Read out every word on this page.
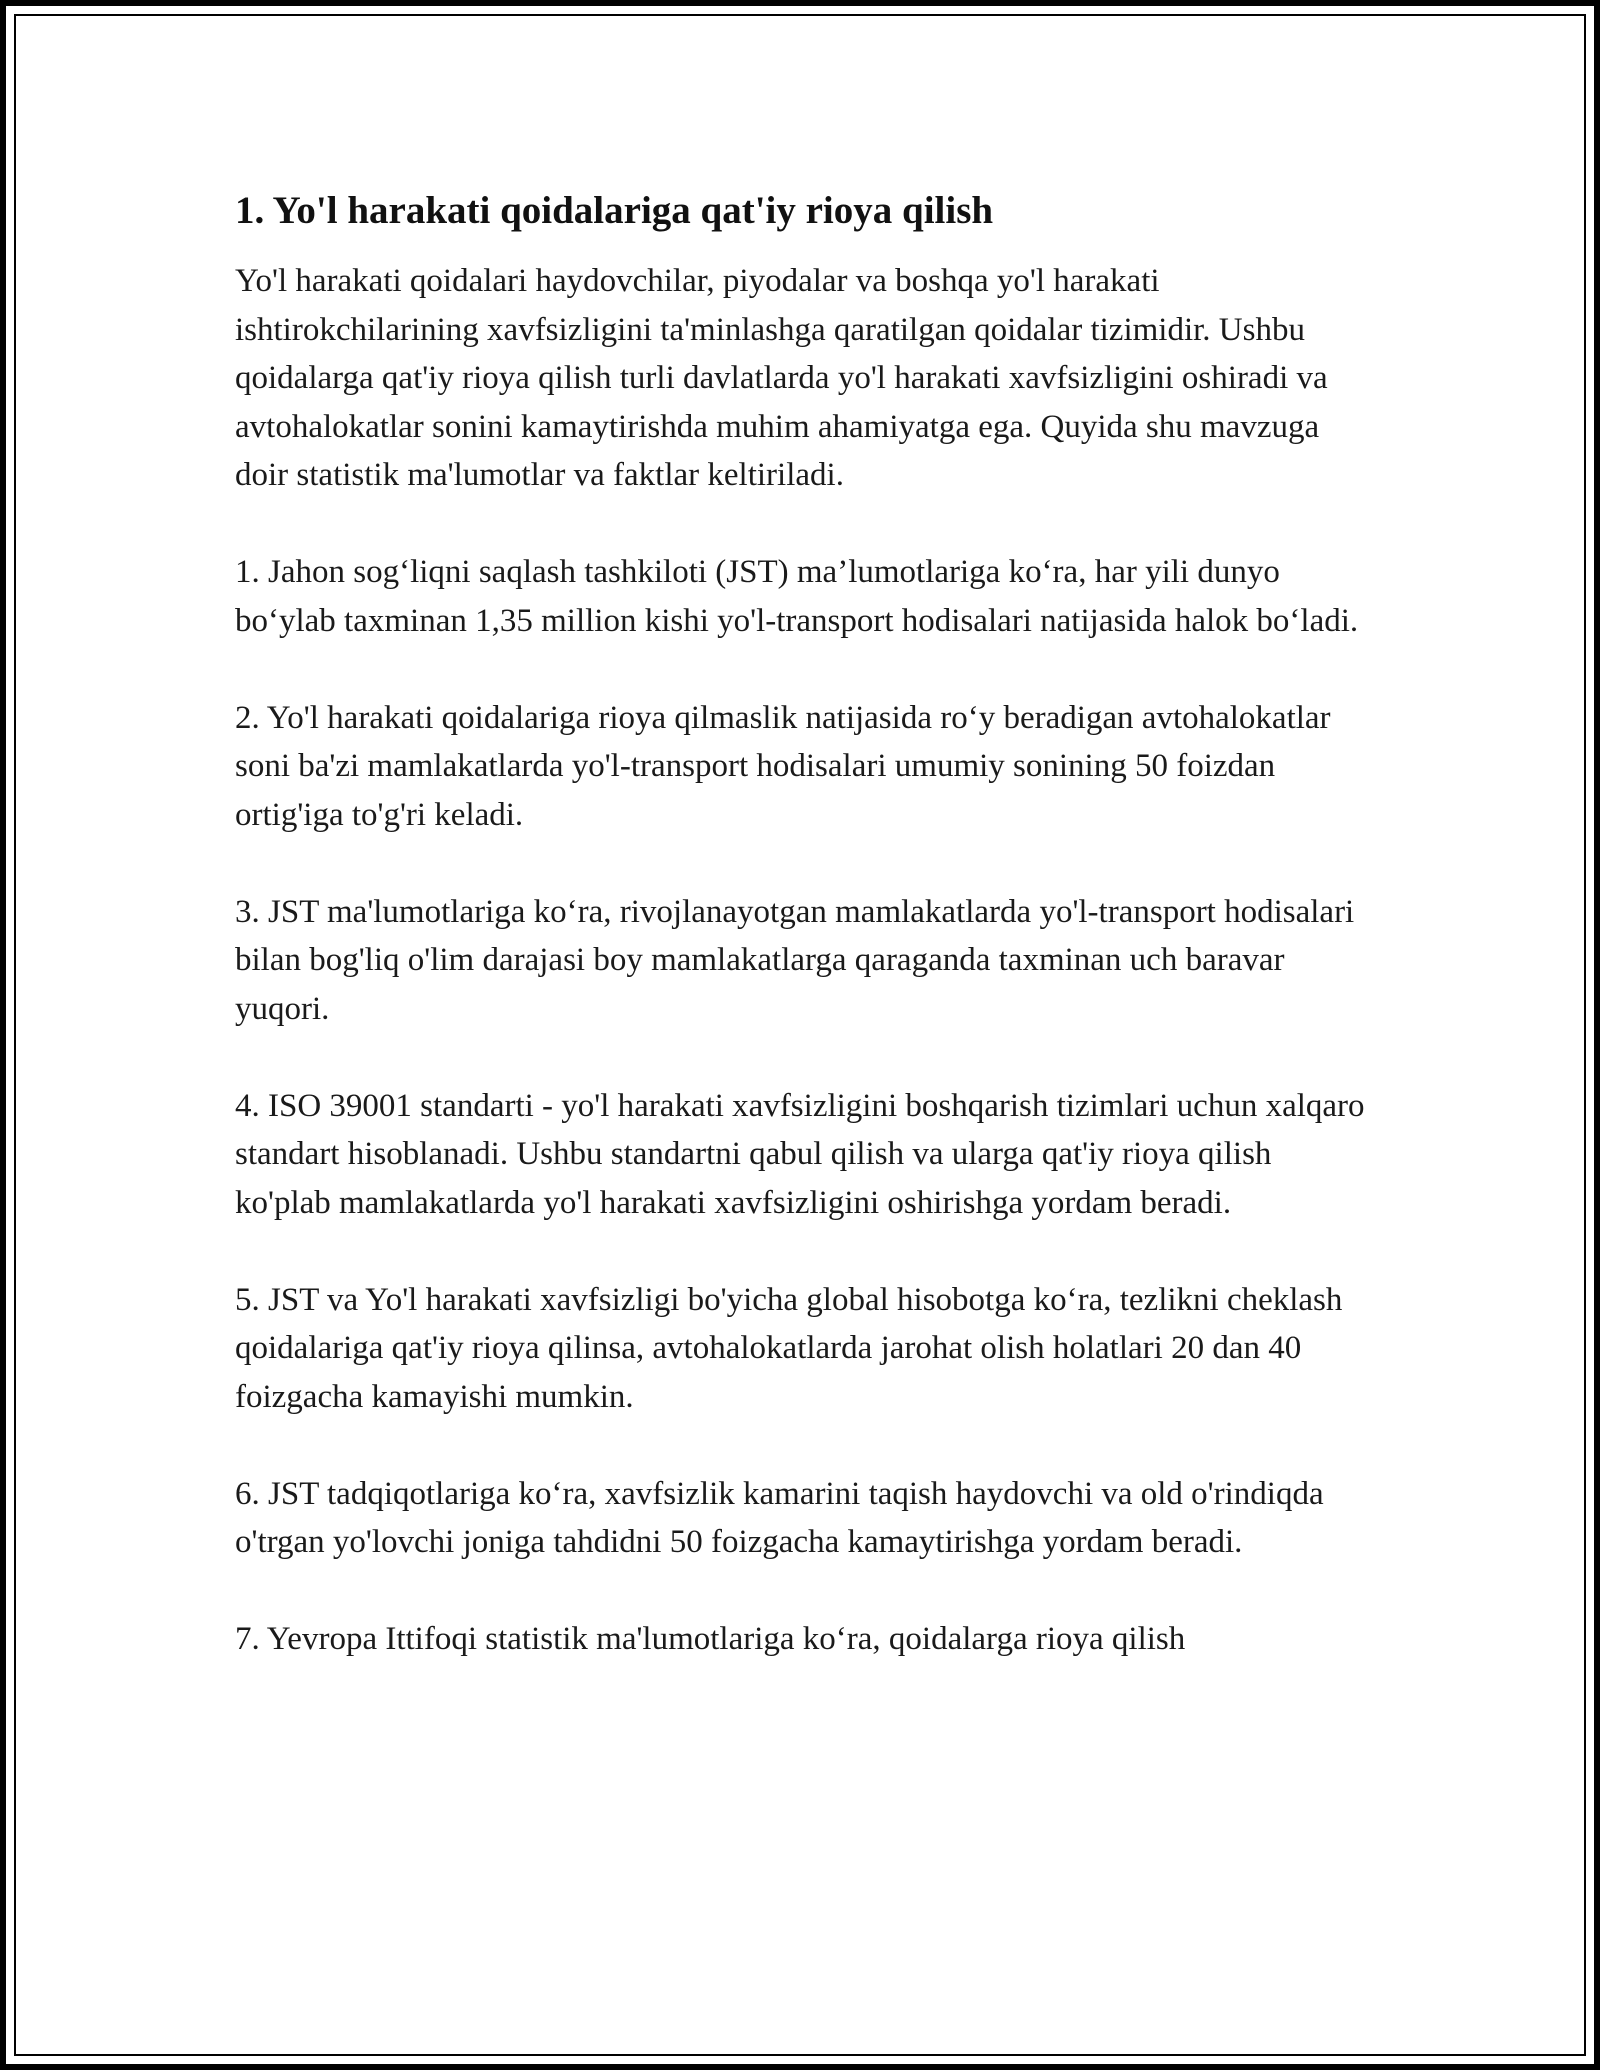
1. Yo'l harakati qoidalariga qat'iy rioya qilish

Yo'l harakati qoidalari haydovchilar, piyodalar va boshqa yo'l harakati ishtirokchilarining xavfsizligini ta'minlashga qaratilgan qoidalar tizimidir. Ushbu qoidalarga qat'iy rioya qilish turli davlatlarda yo'l harakati xavfsizligini oshiradi va avtohalokatlar sonini kamaytirishda muhim ahamiyatga ega. Quyida shu mavzuga doir statistik ma'lumotlar va faktlar keltiriladi.

1. Jahon sog‘liqni saqlash tashkiloti (JST) ma’lumotlariga ko‘ra, har yili dunyo bo‘ylab taxminan 1,35 million kishi yo'l-transport hodisalari natijasida halok bo‘ladi.

2. Yo'l harakati qoidalariga rioya qilmaslik natijasida ro‘y beradigan avtohalokatlar soni ba'zi mamlakatlarda yo'l-transport hodisalari umumiy sonining 50 foizdan ortig'iga to'g'ri keladi.

3. JST ma'lumotlariga ko‘ra, rivojlanayotgan mamlakatlarda yo'l-transport hodisalari bilan bog'liq o'lim darajasi boy mamlakatlarga qaraganda taxminan uch baravar yuqori.

4. ISO 39001 standarti - yo'l harakati xavfsizligini boshqarish tizimlari uchun xalqaro standart hisoblanadi. Ushbu standartni qabul qilish va ularga qat'iy rioya qilish ko'plab mamlakatlarda yo'l harakati xavfsizligini oshirishga yordam beradi.

5. JST va Yo'l harakati xavfsizligi bo'yicha global hisobotga ko‘ra, tezlikni cheklash qoidalariga qat'iy rioya qilinsa, avtohalokatlarda jarohat olish holatlari 20 dan 40 foizgacha kamayishi mumkin.

6. JST tadqiqotlariga ko‘ra, xavfsizlik kamarini taqish haydovchi va old o'rindiqda o'trgan yo'lovchi joniga tahdidni 50 foizgacha kamaytirishga yordam beradi.

7. Yevropa Ittifoqi statistik ma'lumotlariga ko‘ra, qoidalarga rioya qilish
